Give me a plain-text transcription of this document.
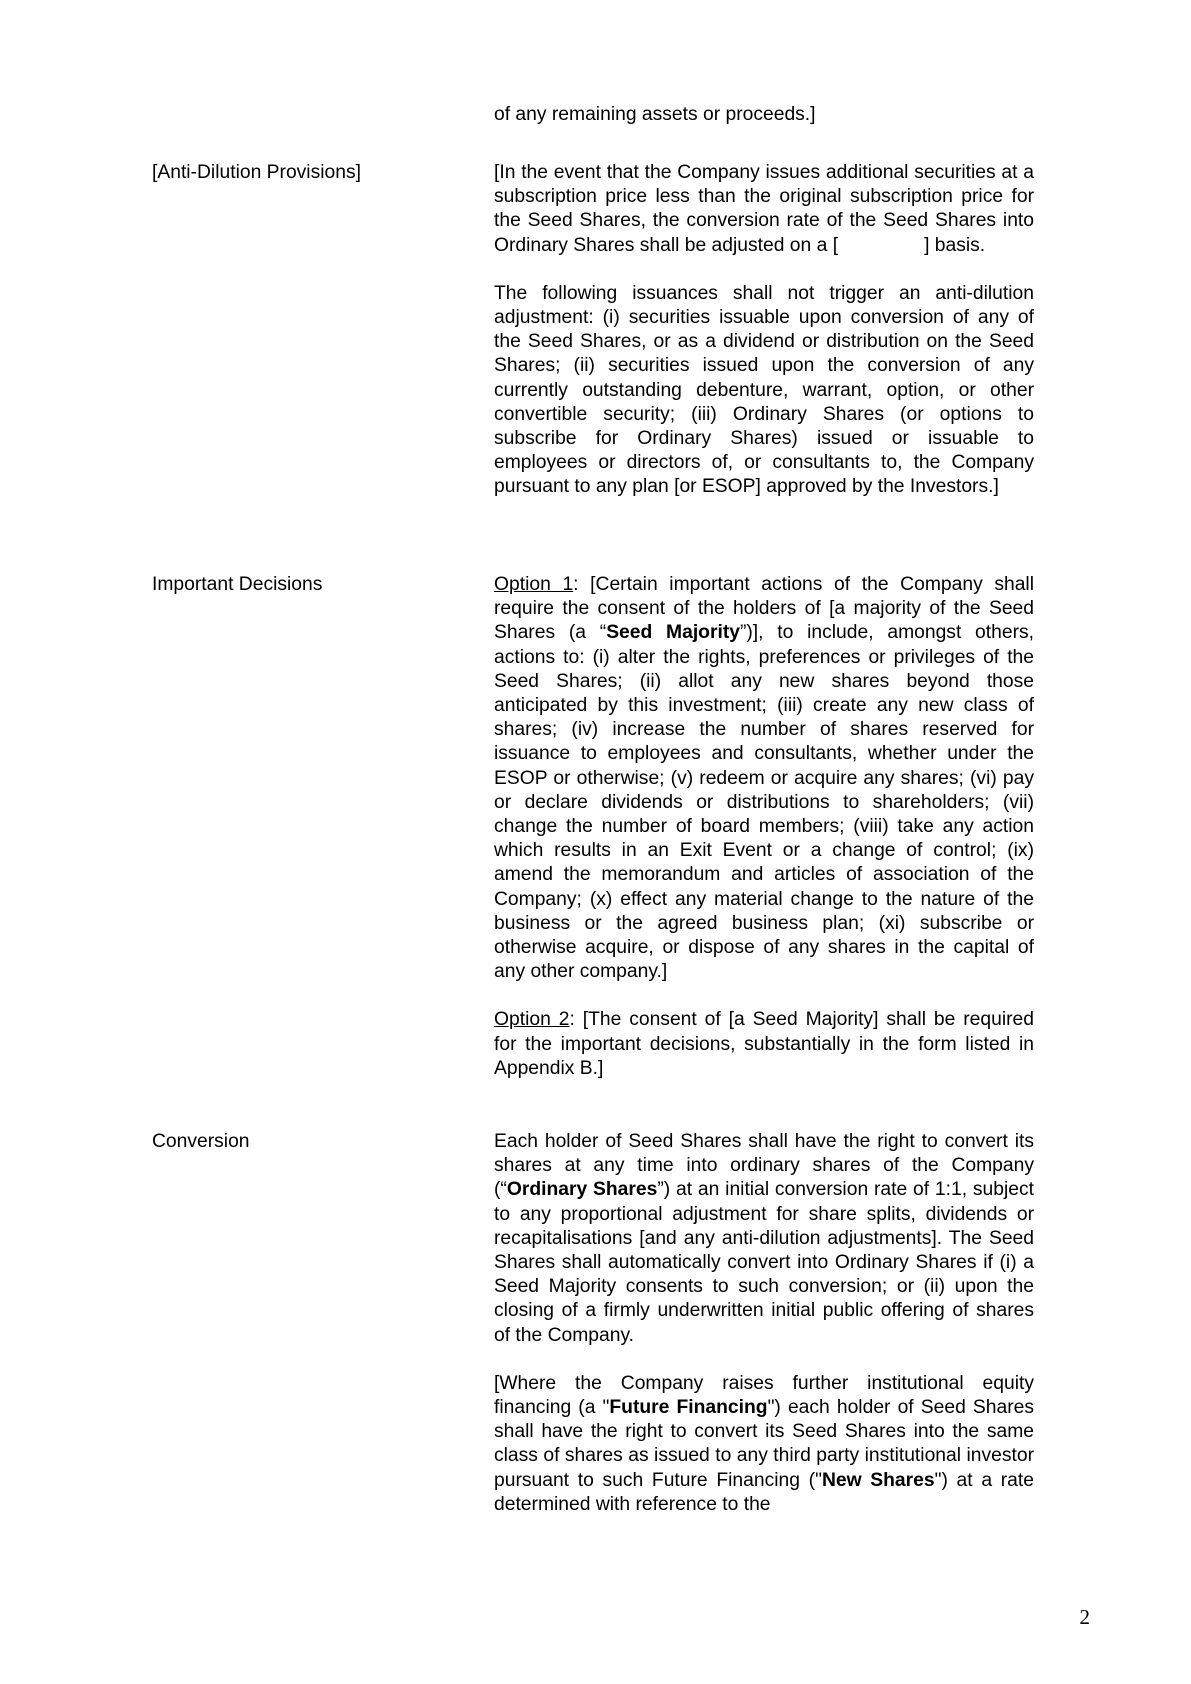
of any remaining assets or proceeds.]

[Anti-Dilution Provisions]	[In the event that the Company issues additional securities at a subscription price less than the original subscription price for the Seed Shares, the conversion rate of the Seed Shares into Ordinary Shares shall be adjusted on a [	] basis.

The following issuances shall not trigger an anti-dilution adjustment: (i) securities issuable upon conversion of any of the Seed Shares, or as a dividend or distribution on the Seed Shares; (ii) securities issued upon the conversion of any currently outstanding debenture, warrant, option, or other convertible security; (iii) Ordinary Shares (or options to subscribe for Ordinary Shares) issued or issuable to employees or directors of, or consultants to, the Company pursuant to any plan [or ESOP] approved by the Investors.]

Important Decisions	Option 1: [Certain important actions of the Company shall require the consent of the holders of [a majority of the Seed Shares (a “Seed Majority”)], to include, amongst others, actions to: (i) alter the rights, preferences or privileges of the Seed Shares; (ii) allot any new shares beyond those anticipated by this investment; (iii) create any new class of shares; (iv) increase the number of shares reserved for issuance to employees and consultants, whether under the ESOP or otherwise; (v) redeem or acquire any shares; (vi) pay or declare dividends or distributions to shareholders; (vii) change the number of board members; (viii) take any action which results in an Exit Event or a change of control; (ix) amend the memorandum and articles of association of the Company; (x) effect any material change to the nature of the business or the agreed business plan; (xi) subscribe or otherwise acquire, or dispose of any shares in the capital of any other company.]

Option 2: [The consent of [a Seed Majority] shall be required for the important decisions, substantially in the form listed in Appendix B.]

Conversion	Each holder of Seed Shares shall have the right to convert its shares at any time into ordinary shares of the Company (“Ordinary Shares”) at an initial conversion rate of 1:1, subject to any proportional adjustment for share splits, dividends or recapitalisations [and any anti-dilution adjustments]. The Seed Shares shall automatically convert into Ordinary Shares if (i) a Seed Majority consents to such conversion; or (ii) upon the closing of a firmly underwritten initial public offering of shares of the Company.

[Where the Company raises further institutional equity financing (a "Future Financing") each holder of Seed Shares shall have the right to convert its Seed Shares into the same class of shares as issued to any third party institutional investor pursuant to such Future Financing ("New Shares") at a rate determined with reference to the

2
